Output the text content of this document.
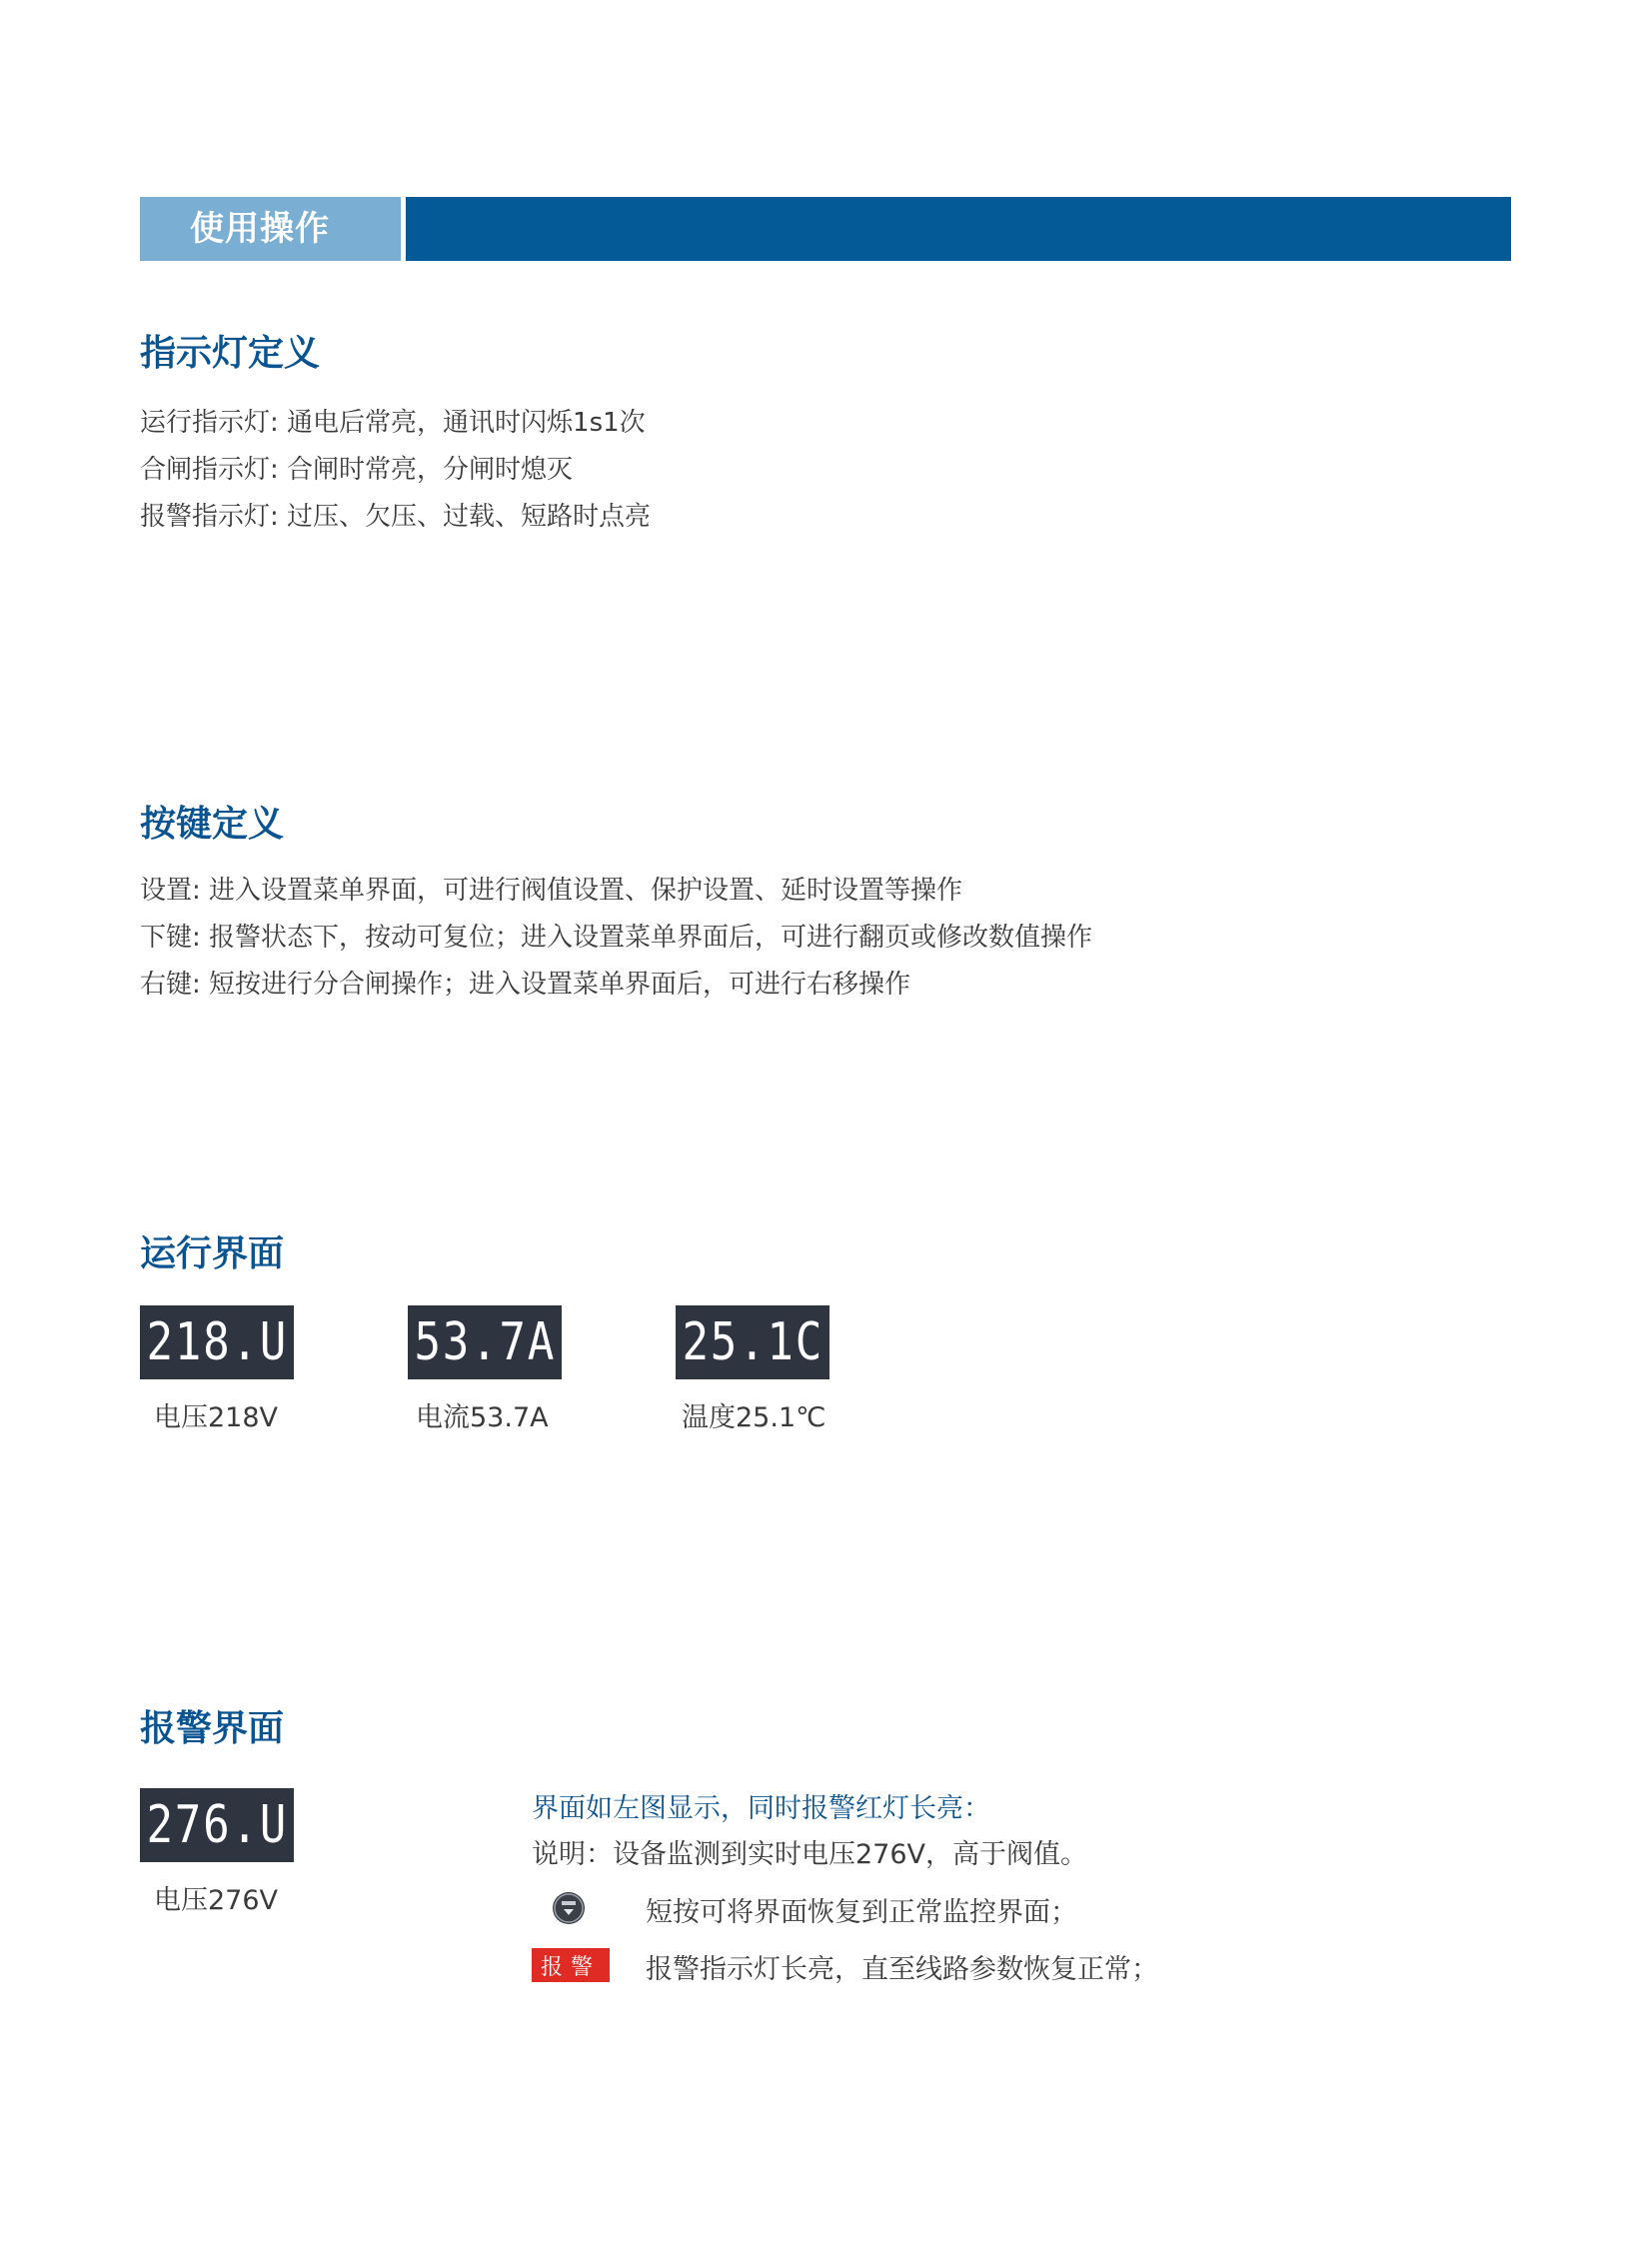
使用操作
指示灯定义
运行指示灯: 通电后常亮，通讯时闪烁1s1次
合闸指示灯: 合闸时常亮，分闸时熄灭
报警指示灯: 过压、欠压、过载、短路时点亮
按键定义
设置: 进入设置菜单界面，可进行阀值设置、保护设置、延时设置等操作
下键: 报警状态下，按动可复位；进入设置菜单界面后，可进行翻页或修改数值操作
右键: 短按进行分合闸操作；进入设置菜单界面后，可进行右移操作
运行界面
218.U
电压218V
53.7A
电流53.7A
25.1C
温度25.1℃
报警界面
276.U
电压276V
界面如左图显示，同时报警红灯长亮：
说明：设备监测到实时电压276V，高于阀值。
短按可将界面恢复到正常监控界面；
报警	报警指示灯长亮，直至线路参数恢复正常；
